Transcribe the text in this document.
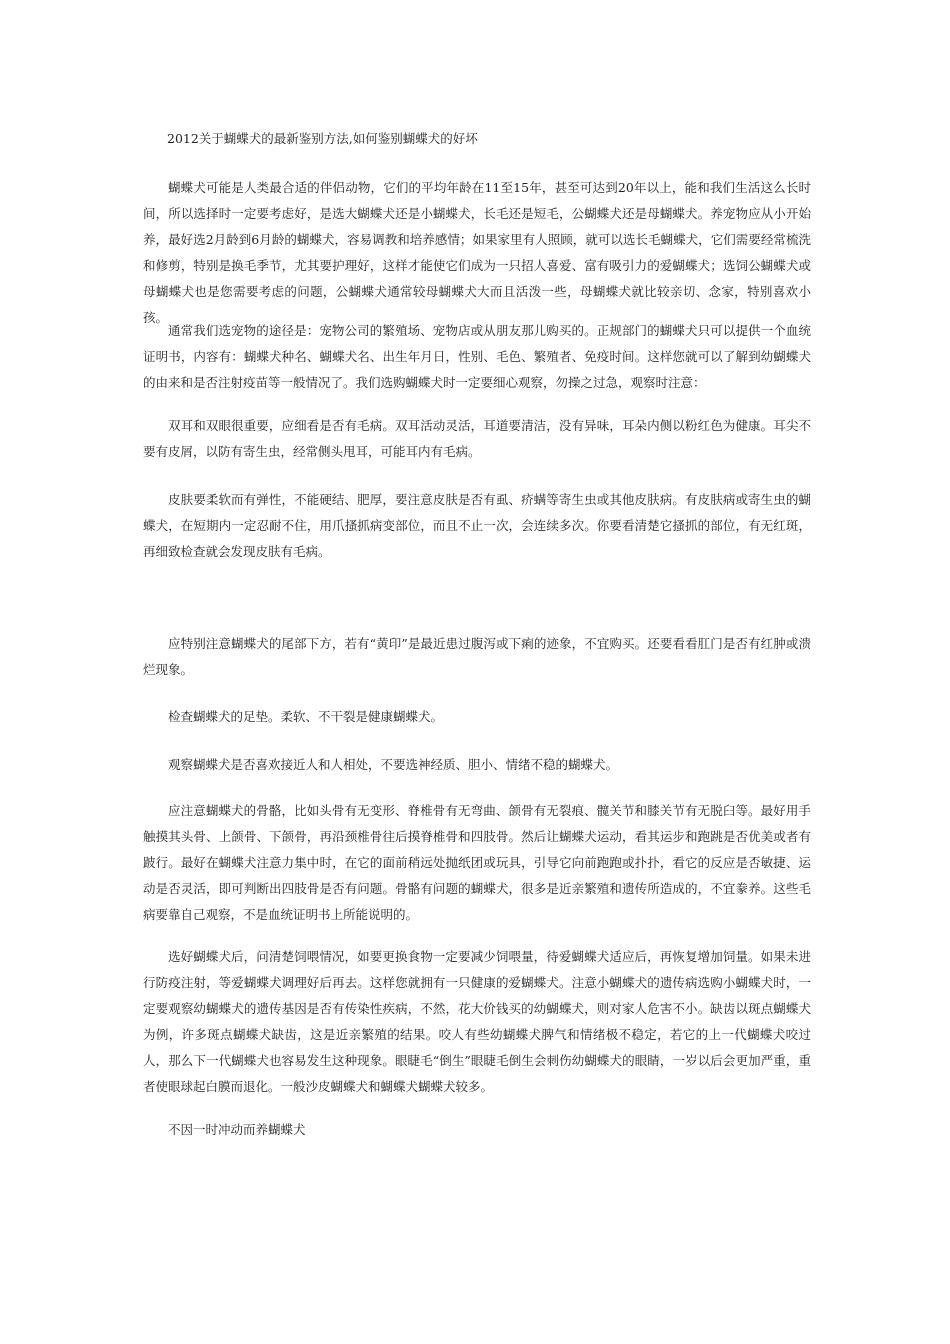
2012关于蝴蝶犬的最新鉴别方法,如何鉴别蝴蝶犬的好坏

蝴蝶犬可能是人类最合适的伴侣动物，它们的平均年龄在11至15年，甚至可达到20年以上，能和我们生活这么长时间，所以选择时一定要考虑好，是选大蝴蝶犬还是小蝴蝶犬，长毛还是短毛，公蝴蝶犬还是母蝴蝶犬。养宠物应从小开始养，最好选2月龄到6月龄的蝴蝶犬，容易调教和培养感情；如果家里有人照顾，就可以选长毛蝴蝶犬，它们需要经常梳洗和修剪，特别是换毛季节，尤其要护理好，这样才能使它们成为一只招人喜爱、富有吸引力的爱蝴蝶犬；选饲公蝴蝶犬或母蝴蝶犬也是您需要考虑的问题，公蝴蝶犬通常较母蝴蝶犬大而且活泼一些，母蝴蝶犬就比较亲切、念家，特别喜欢小孩。

通常我们选宠物的途径是：宠物公司的繁殖场、宠物店或从朋友那儿购买的。正规部门的蝴蝶犬只可以提供一个血统证明书，内容有：蝴蝶犬种名、蝴蝶犬名、出生年月日，性别、毛色、繁殖者、免疫时间。这样您就可以了解到幼蝴蝶犬的由来和是否注射疫苗等一般情况了。我们选购蝴蝶犬时一定要细心观察，勿操之过急，观察时注意：

双耳和双眼很重要，应细看是否有毛病。双耳活动灵活，耳道要清洁，没有异味，耳朵内侧以粉红色为健康。耳尖不要有皮屑，以防有寄生虫，经常侧头甩耳，可能耳内有毛病。

皮肤要柔软而有弹性，不能硬结、肥厚，要注意皮肤是否有虱、疥螨等寄生虫或其他皮肤病。有皮肤病或寄生虫的蝴蝶犬，在短期内一定忍耐不住，用爪搔抓病变部位，而且不止一次，会连续多次。你要看清楚它搔抓的部位，有无红斑，再细致检查就会发现皮肤有毛病。

应特别注意蝴蝶犬的尾部下方，若有“黄印”是最近患过腹泻或下痢的迹象，不宜购买。还要看看肛门是否有红肿或溃烂现象。

检查蝴蝶犬的足垫。柔软、不干裂是健康蝴蝶犬。

观察蝴蝶犬是否喜欢接近人和人相处，不要选神经质、胆小、情绪不稳的蝴蝶犬。

应注意蝴蝶犬的骨骼，比如头骨有无变形、脊椎骨有无弯曲、颌骨有无裂痕、髋关节和膝关节有无脱臼等。最好用手触摸其头骨、上颌骨、下颌骨，再沿颈椎骨往后摸脊椎骨和四肢骨。然后让蝴蝶犬运动，看其运步和跑跳是否优美或者有跛行。最好在蝴蝶犬注意力集中时，在它的面前稍远处抛纸团或玩具，引导它向前跑跑或扑扑，看它的反应是否敏捷、运动是否灵活，即可判断出四肢骨是否有问题。骨骼有问题的蝴蝶犬，很多是近亲繁殖和遗传所造成的，不宜豢养。这些毛病要靠自己观察，不是血统证明书上所能说明的。

选好蝴蝶犬后，问清楚饲喂情况，如要更换食物一定要减少饲喂量，待爱蝴蝶犬适应后，再恢复增加饲量。如果未进行防疫注射，等爱蝴蝶犬调理好后再去。这样您就拥有一只健康的爱蝴蝶犬。注意小蝴蝶犬的遗传病选购小蝴蝶犬时，一定要观察幼蝴蝶犬的遗传基因是否有传染性疾病，不然，花大价钱买的幼蝴蝶犬，则对家人危害不小。缺齿以斑点蝴蝶犬为例，许多斑点蝴蝶犬缺齿，这是近亲繁殖的结果。咬人有些幼蝴蝶犬脾气和情绪极不稳定，若它的上一代蝴蝶犬咬过人，那么下一代蝴蝶犬也容易发生这种现象。眼睫毛“倒生”眼睫毛倒生会刺伤幼蝴蝶犬的眼睛，一岁以后会更加严重，重者使眼球起白膜而退化。一般沙皮蝴蝶犬和蝴蝶犬蝴蝶犬较多。

不因一时冲动而养蝴蝶犬
